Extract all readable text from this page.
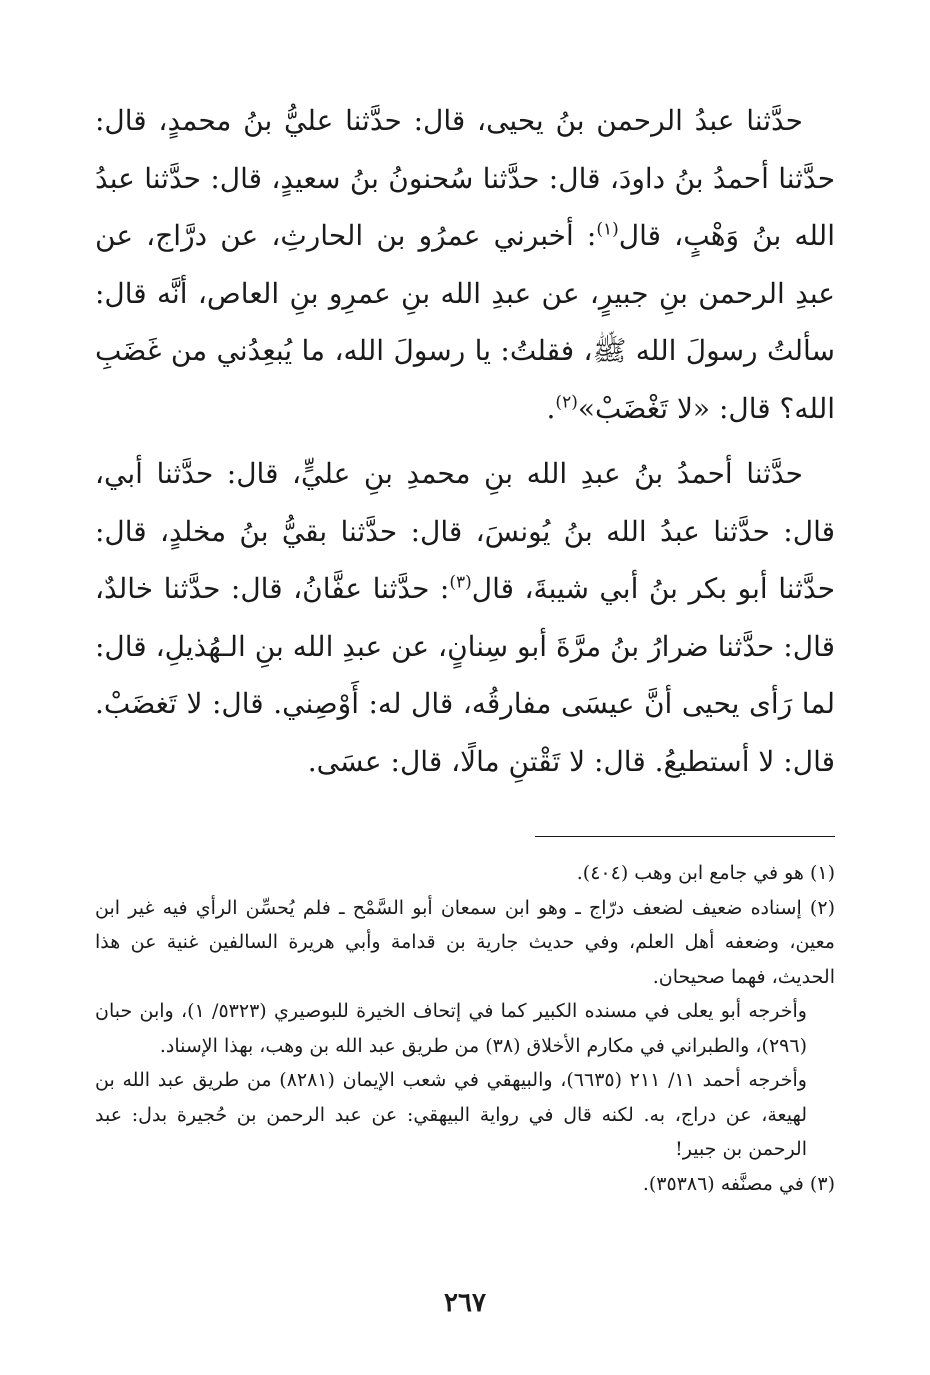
حدَّثنا عبدُ الرحمن بنُ يحيى، قال: حدَّثنا عليُّ بنُ محمدٍ، قال: حدَّثنا أحمدُ بنُ داودَ، قال: حدَّثنا سُحنونُ بنُ سعيدٍ، قال: حدَّثنا عبدُ الله بنُ وَهْبٍ، قال$^{(١)}$: أخبرني عمرُو بن الحارثِ، عن درَّاج، عن عبدِ الرحمن بنِ جبيرٍ، عن عبدِ الله بنِ عمرِو بنِ العاص، أنَّه قال: سألتُ رسولَ الله ﷺ، فقلتُ: يا رسولَ الله، ما يُبعِدُني من غَضَبِ الله؟ قال: «لا تَغْضَبْ»$^{(٢)}$.

حدَّثنا أحمدُ بنُ عبدِ الله بنِ محمدِ بنِ عليٍّ، قال: حدَّثنا أبي، قال: حدَّثنا عبدُ الله بنُ يُونسَ، قال: حدَّثنا بقيُّ بنُ مخلدٍ، قال: حدَّثنا أبو بكر بنُ أبي شيبةَ، قال$^{(٣)}$: حدَّثنا عفَّانُ، قال: حدَّثنا خالدٌ، قال: حدَّثنا ضرارُ بنُ مرَّةَ أبو سِنانٍ، عن عبدِ الله بنِ الـهُذيلِ، قال: لما رَأى يحيى أنَّ عيسَى مفارقُه، قال له: أَوْصِني. قال: لا تَغضَبْ. قال: لا أستطيعُ. قال: لا تَقْتنِ مالًا، قال: عسَى.

(١) هو في جامع ابن وهب (٤٠٤).

(٢) إسناده ضعيف لضعف درّاج ـ وهو ابن سمعان أبو السَّمْح ـ فلم يُحسِّن الرأي فيه غير ابن معين، وضعفه أهل العلم، وفي حديث جارية بن قدامة وأبي هريرة السالفين غنية عن هذا الحديث، فهما صحيحان.

وأخرجه أبو يعلى في مسنده الكبير كما في إتحاف الخيرة للبوصيري (٥٣٢٣/ ١)، وابن حبان (٢٩٦)، والطبراني في مكارم الأخلاق (٣٨) من طريق عبد الله بن وهب، بهذا الإسناد.

وأخرجه أحمد ١١/ ٢١١ (٦٦٣٥)، والبيهقي في شعب الإيمان (٨٢٨١) من طريق عبد الله بن لهيعة، عن دراج، به. لكنه قال في رواية البيهقي: عن عبد الرحمن بن حُجيرة بدل: عبد الرحمن بن جبير!

(٣) في مصنَّفه (٣٥٣٨٦).

٢٦٧
